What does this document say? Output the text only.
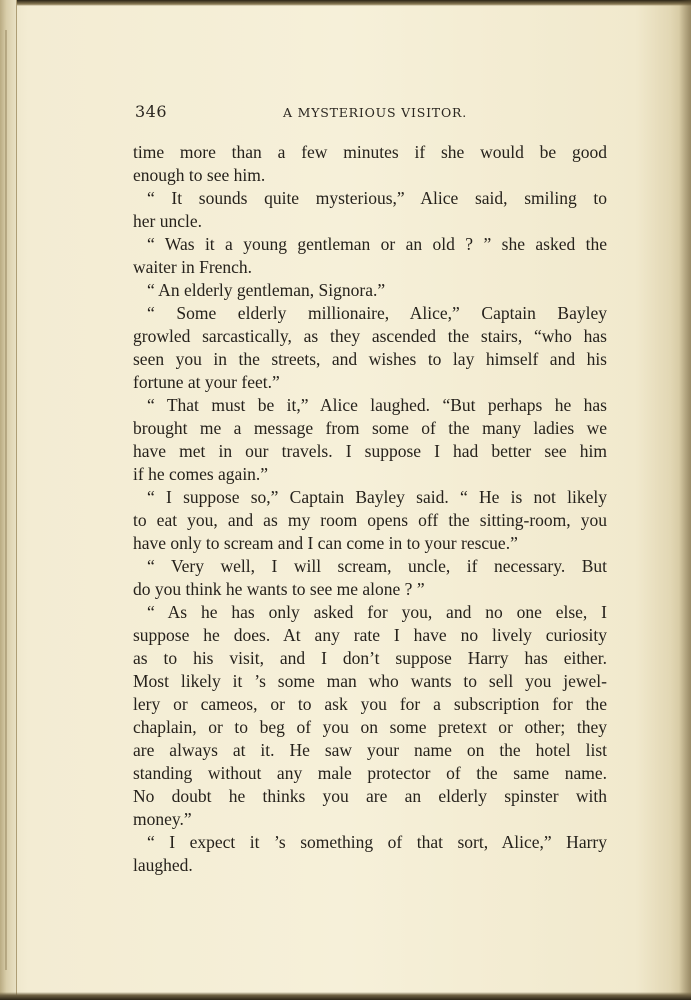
346	A MYSTERIOUS VISITOR.
time more than a few minutes if she would be good
enough to see him.
“ It sounds quite mysterious,” Alice said, smiling to
her uncle.
“ Was it a young gentleman or an old ? ” she asked the
waiter in French.
“ An elderly gentleman, Signora.”
“ Some elderly millionaire, Alice,” Captain Bayley
growled sarcastically, as they ascended the stairs, “who has
seen you in the streets, and wishes to lay himself and his
fortune at your feet.”
“ That must be it,” Alice laughed. “But perhaps he has
brought me a message from some of the many ladies we
have met in our travels. I suppose I had better see him
if he comes again.”
“ I suppose so,” Captain Bayley said. “ He is not likely
to eat you, and as my room opens off the sitting-room, you
have only to scream and I can come in to your rescue.”
“ Very well, I will scream, uncle, if necessary. But
do you think he wants to see me alone ? ”
“ As he has only asked for you, and no one else, I
suppose he does. At any rate I have no lively curiosity
as to his visit, and I don’t suppose Harry has either.
Most likely it ’s some man who wants to sell you jewel-
lery or cameos, or to ask you for a subscription for the
chaplain, or to beg of you on some pretext or other; they
are always at it. He saw your name on the hotel list
standing without any male protector of the same name.
No doubt he thinks you are an elderly spinster with
money.”
“ I expect it ’s something of that sort, Alice,” Harry
laughed.
